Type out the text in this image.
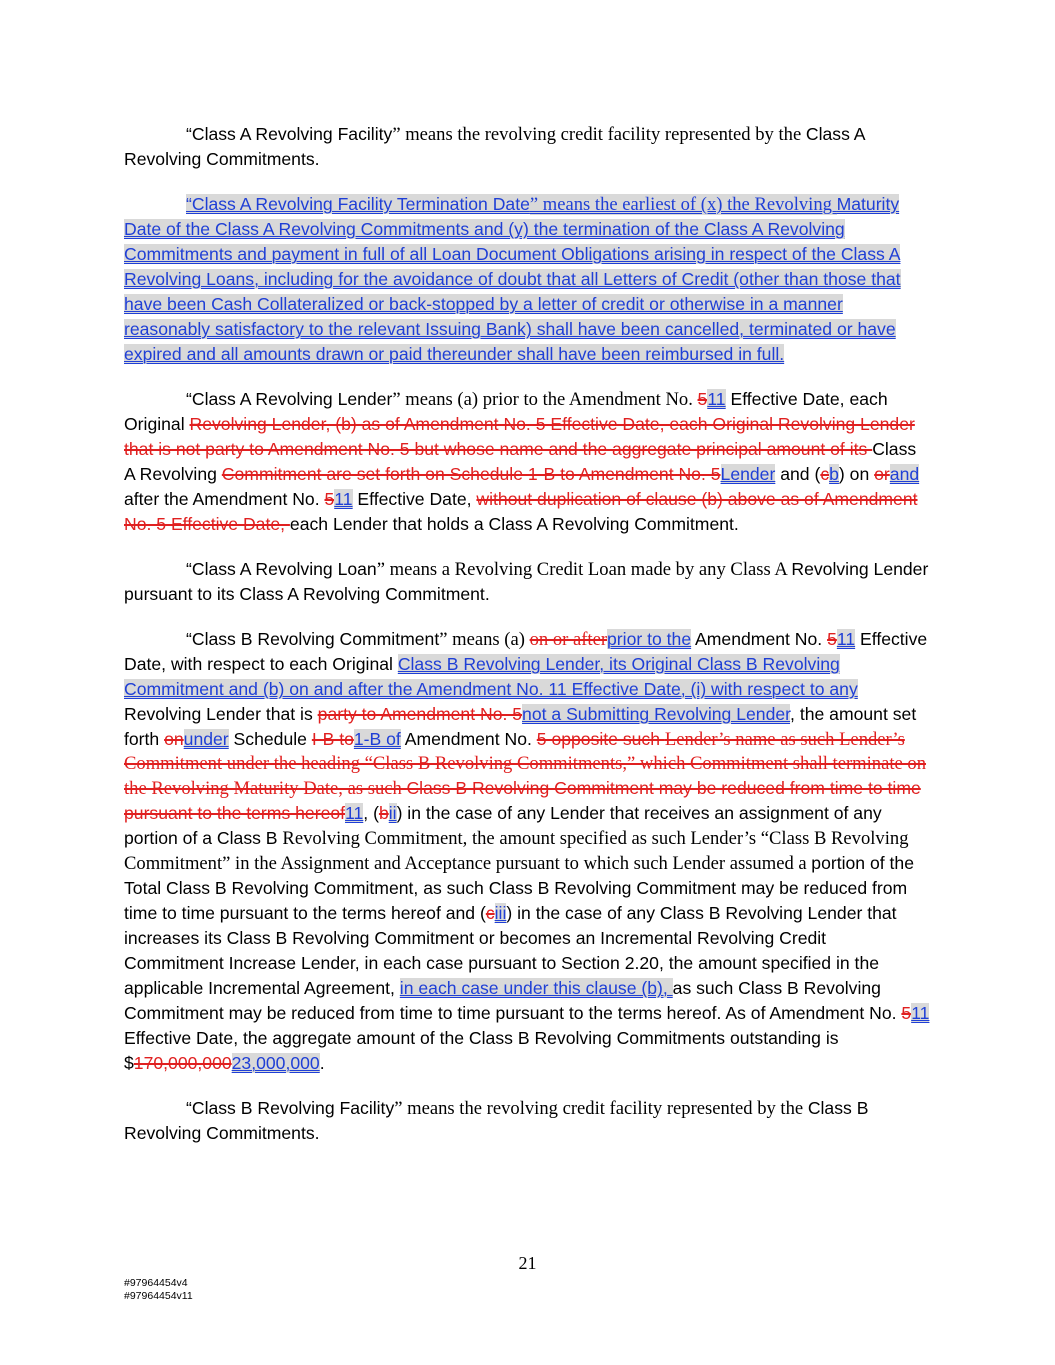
“Class A Revolving Facility” means the revolving credit facility represented by the Class A Revolving Commitments.

“Class A Revolving Facility Termination Date” means the earliest of (x) the Revolving Maturity Date of the Class A Revolving Commitments and (y) the termination of the Class A Revolving Commitments and payment in full of all Loan Document Obligations arising in respect of the Class A Revolving Loans, including for the avoidance of doubt that all Letters of Credit (other than those that have been Cash Collateralized or back-stopped by a letter of credit or otherwise in a manner reasonably satisfactory to the relevant Issuing Bank) shall have been cancelled, terminated or have expired and all amounts drawn or paid thereunder shall have been reimbursed in full.

“Class A Revolving Lender” means (a) prior to the Amendment No. 511 Effective Date, each Original Revolving Lender, (b) as of Amendment No. 5 Effective Date, each Original Revolving Lender that is not party to Amendment No. 5 but whose name and the aggregate principal amount of its Class A Revolving Commitment are set forth on Schedule 1-B to Amendment No. 5Lender and (cb) on orand after the Amendment No. 511 Effective Date, without duplication of clause (b) above as of Amendment No. 5 Effective Date, each Lender that holds a Class A Revolving Commitment.

“Class A Revolving Loan” means a Revolving Credit Loan made by any Class A Revolving Lender pursuant to its Class A Revolving Commitment.

“Class B Revolving Commitment” means (a) on or afterprior to the Amendment No. 511 Effective Date, with respect to each Original Class B Revolving Lender, its Original Class B Revolving Commitment and (b) on and after the Amendment No. 11 Effective Date, (i) with respect to any Revolving Lender that is party to Amendment No. 5not a Submitting Revolving Lender, the amount set forth onunder Schedule I-B to1-B of Amendment No. 5 opposite such Lender’s name as such Lender’s Commitment under the heading “Class B Revolving Commitments,” which Commitment shall terminate on the Revolving Maturity Date, as such Class B Revolving Commitment may be reduced from time to time pursuant to the terms hereof11, (bii) in the case of any Lender that receives an assignment of any portion of a Class B Revolving Commitment, the amount specified as such Lender’s “Class B Revolving Commitment” in the Assignment and Acceptance pursuant to which such Lender assumed a portion of the Total Class B Revolving Commitment, as such Class B Revolving Commitment may be reduced from time to time pursuant to the terms hereof and (ciii) in the case of any Class B Revolving Lender that increases its Class B Revolving Commitment or becomes an Incremental Revolving Credit Commitment Increase Lender, in each case pursuant to Section 2.20, the amount specified in the applicable Incremental Agreement, in each case under this clause (b), as such Class B Revolving Commitment may be reduced from time to time pursuant to the terms hereof. As of Amendment No. 511 Effective Date, the aggregate amount of the Class B Revolving Commitments outstanding is $170,000,00023,000,000.

“Class B Revolving Facility” means the revolving credit facility represented by the Class B Revolving Commitments.

21
#97964454v4
#97964454v11
